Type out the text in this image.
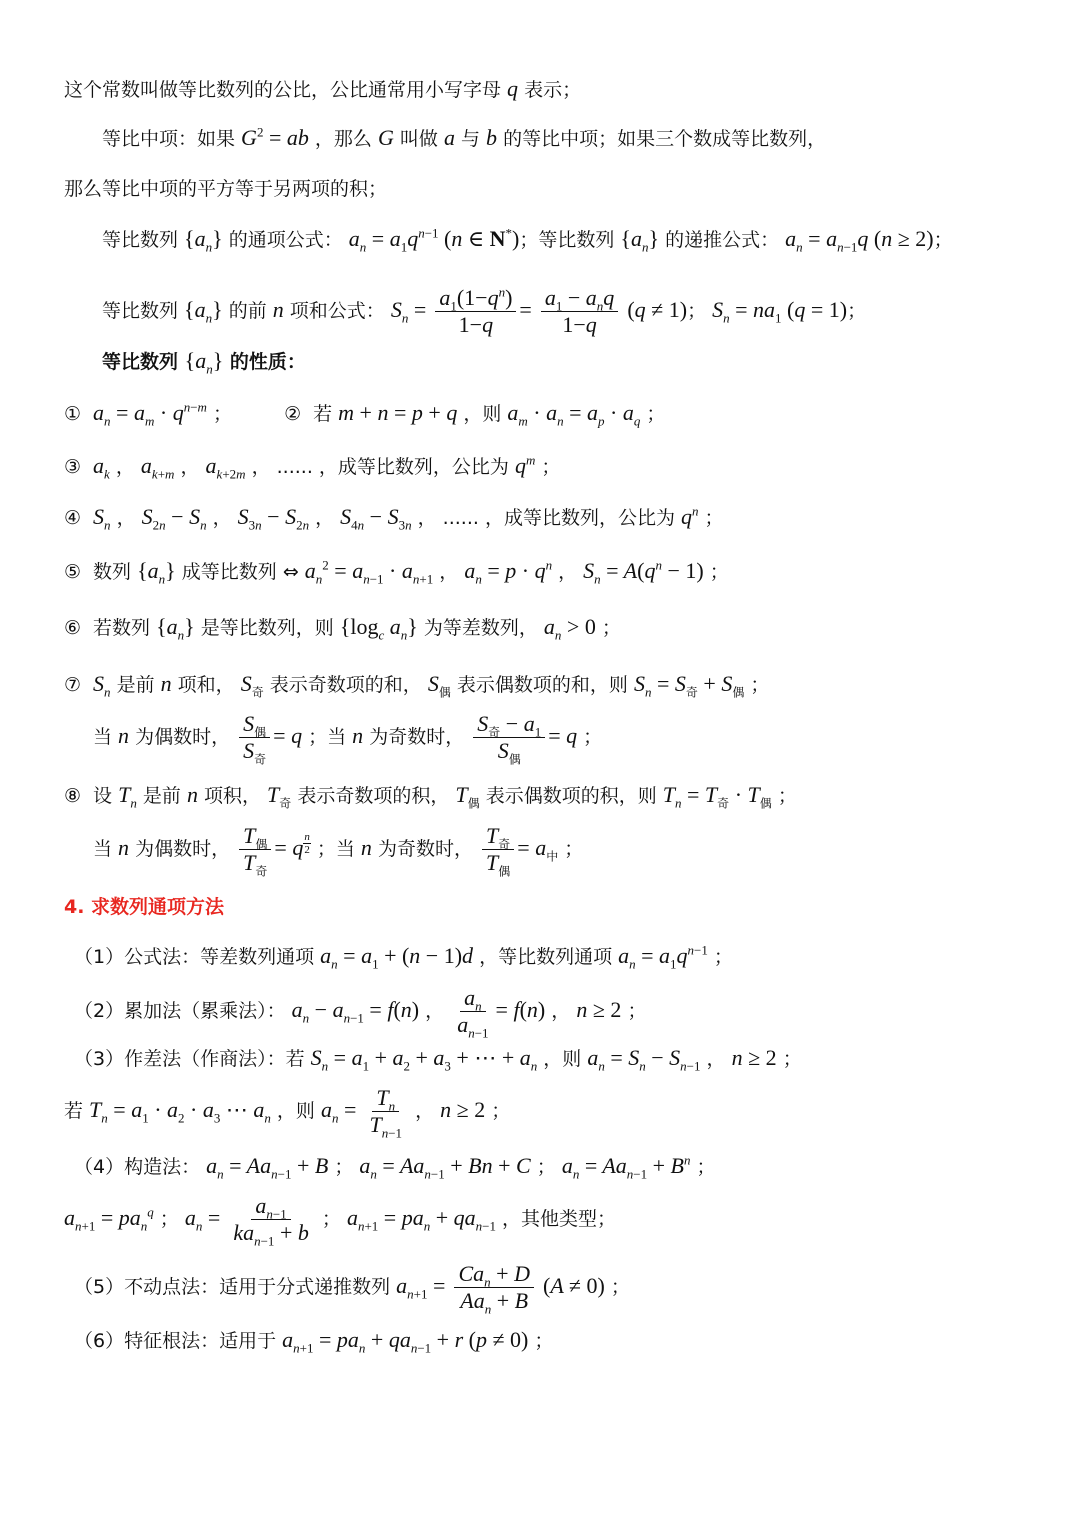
这个常数叫做等比数列的公比，公比通常用小写字母 q 表示；
等比中项：如果 $G^2$ = ab ，那么 G 叫做 a 与 b 的等比中项；如果三个数成等比数列，
那么等比中项的平方等于另两项的积；
等比数列 $\{a_n\}$ 的通项公式： $a_n = a_1q^{n-1}$ (n ∈ N*)；等比数列 $\{a_n\}$ 的递推公式： $a_n = a_{n-1}q$ (n ≥ 2)；
等比数列 $\{a_n\}$ 的前 n 项和公式： $S_n = \frac{a_1(1-q^n)}{1-q} = \frac{a_1 - a_nq}{1-q} (q \ne 1)$； $S_n = na_1$ (q = 1)；
等比数列 $\{a_n\}$ 的性质：
① $a_n = a_m \cdot q^{n-m}$ ；  ② 若 m + n = p + q ，则 $a_m \cdot a_n = a_p \cdot a_q$ ；
③ $a_k$ ， $a_{k+m}$ ， $a_{k+2m}$ ， ...... ，成等比数列，公比为 $q^m$ ；
④ $S_n$ ， $S_{2n} - S_n$ ， $S_{3n} - S_{2n}$ ， $S_{4n} - S_{3n}$ ， ...... ，成等比数列，公比为 $q^n$ ；
⑤ 数列 $\{a_n\}$ 成等比数列 ⇔ $a_n^2 = a_{n-1} \cdot a_{n+1}$ ， $a_n = p \cdot q^n$ ， $S_n = A(q^n - 1)$ ；
⑥ 若数列 $\{a_n\}$ 是等比数列，则 {$\log_c$ $a_n$} 为等差数列， $a_n > 0$ ；
⑦ $S_n$ 是前 n 项和， $S_奇$ 表示奇数项的和， $S_偶$ 表示偶数项的和，则 $S_n = S_奇 + S_偶$ ；
当 n 为偶数时， $\frac{S_偶}{S_奇} = q$ ；当 n 为奇数时， $\frac{S_奇 - a_1}{S_偶} = q$ ；
⑧ 设 $T_n$ 是前 n 项积， $T_奇$ 表示奇数项的积， $T_偶$ 表示偶数项的积，则 $T_n = T_奇 \cdot T_偶$ ；
当 n 为偶数时， $\frac{T_偶}{T_奇} = q$ $^{\frac{n}{2}}$ ；当 n 为奇数时， $\frac{T_奇}{T_偶} = a_中$ ；
4. 求数列通项方法
（1）公式法：等差数列通项 $a_n = a_1 + (n - 1)d$ ，等比数列通项 $a_n = a_1q^{n-1}$ ；
（2）累加法（累乘法）： $a_n - a_{n-1} = f(n)$ ， $\frac{a_n}{a_{n-1}} = f(n)$ ， n ≥ 2 ；
（3）作差法（作商法）：若 $S_n = a_1 + a_2 + a_3$ + ⋯ + $a_n$ ，则 $a_n = S_n - S_{n-1}$ ， n ≥ 2 ；
若 $T_n = a_1 \cdot a_2 \cdot a_3$ ⋯ $a_n$ ，则 $a_n = \frac{T_n}{T_{n-1}}$ ， n ≥ 2 ；
（4）构造法： $a_n = Aa_{n-1} + B$ ； $a_n = Aa_{n-1} + Bn + C$ ； $a_n = Aa_{n-1} + B^n$ ；
$a_{n+1} = pa_n^q$ ； $a_n = \frac{a_{n-1}}{ka_{n-1} + b}$ ； $a_{n+1} = pa_n + qa_{n-1}$ ，其他类型；
（5）不动点法：适用于分式递推数列 $a_{n+1} = \frac{Ca_n + D}{Aa_n + B} (A \ne 0)$ ；
（6）特征根法：适用于 $a_{n+1} = pa_n + qa_{n-1} + r$ (p ≠ 0) ；
